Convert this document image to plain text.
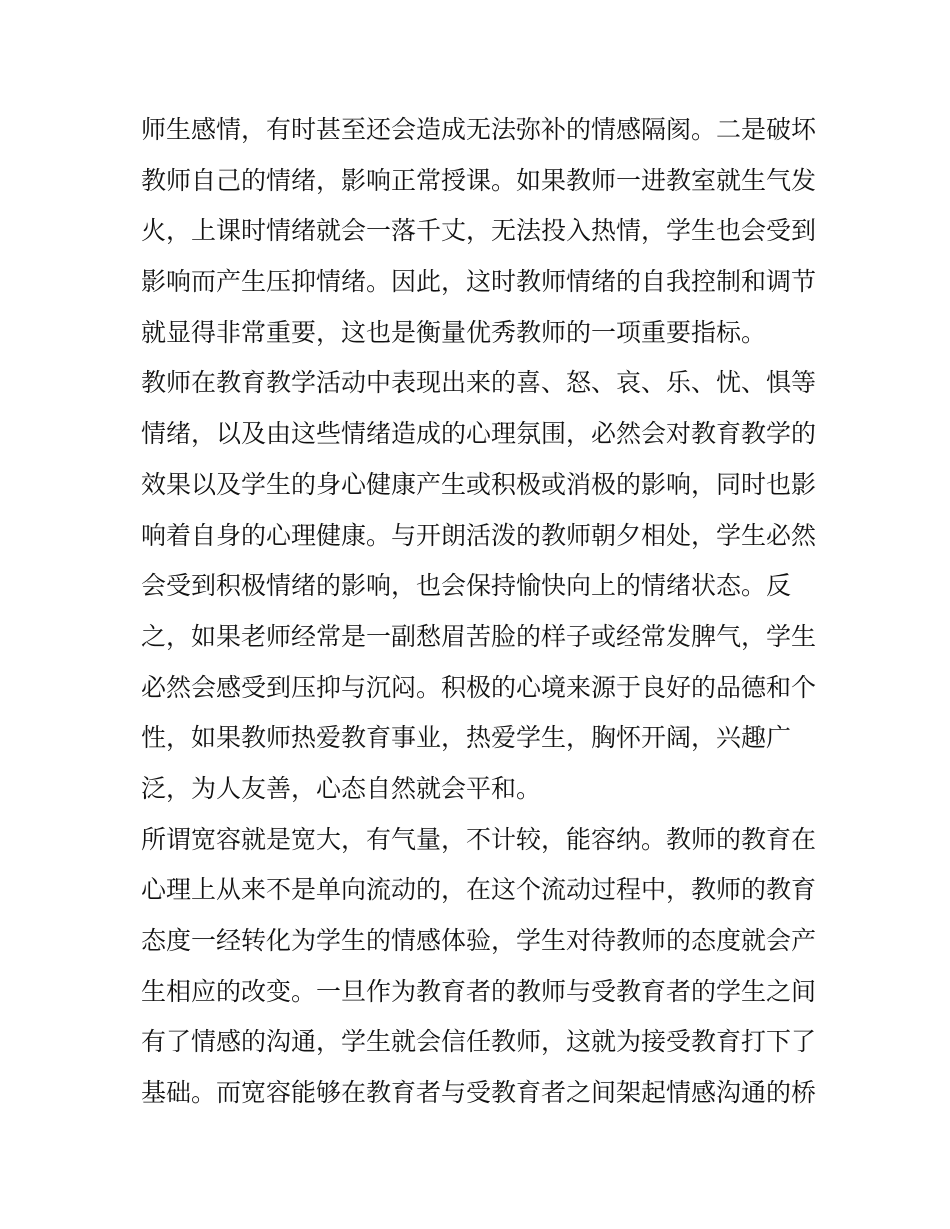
师生感情，有时甚至还会造成无法弥补的情感隔阂。二是破坏
教师自己的情绪，影响正常授课。如果教师一进教室就生气发
火，上课时情绪就会一落千丈，无法投入热情，学生也会受到
影响而产生压抑情绪。因此，这时教师情绪的自我控制和调节
就显得非常重要，这也是衡量优秀教师的一项重要指标。
教师在教育教学活动中表现出来的喜、怒、哀、乐、忧、惧等
情绪，以及由这些情绪造成的心理氛围，必然会对教育教学的
效果以及学生的身心健康产生或积极或消极的影响，同时也影
响着自身的心理健康。与开朗活泼的教师朝夕相处，学生必然
会受到积极情绪的影响，也会保持愉快向上的情绪状态。反
之，如果老师经常是一副愁眉苦脸的样子或经常发脾气，学生
必然会感受到压抑与沉闷。积极的心境来源于良好的品德和个
性，如果教师热爱教育事业，热爱学生，胸怀开阔，兴趣广
泛，为人友善，心态自然就会平和。
所谓宽容就是宽大，有气量，不计较，能容纳。教师的教育在
心理上从来不是单向流动的，在这个流动过程中，教师的教育
态度一经转化为学生的情感体验，学生对待教师的态度就会产
生相应的改变。一旦作为教育者的教师与受教育者的学生之间
有了情感的沟通，学生就会信任教师，这就为接受教育打下了
基础。而宽容能够在教育者与受教育者之间架起情感沟通的桥
